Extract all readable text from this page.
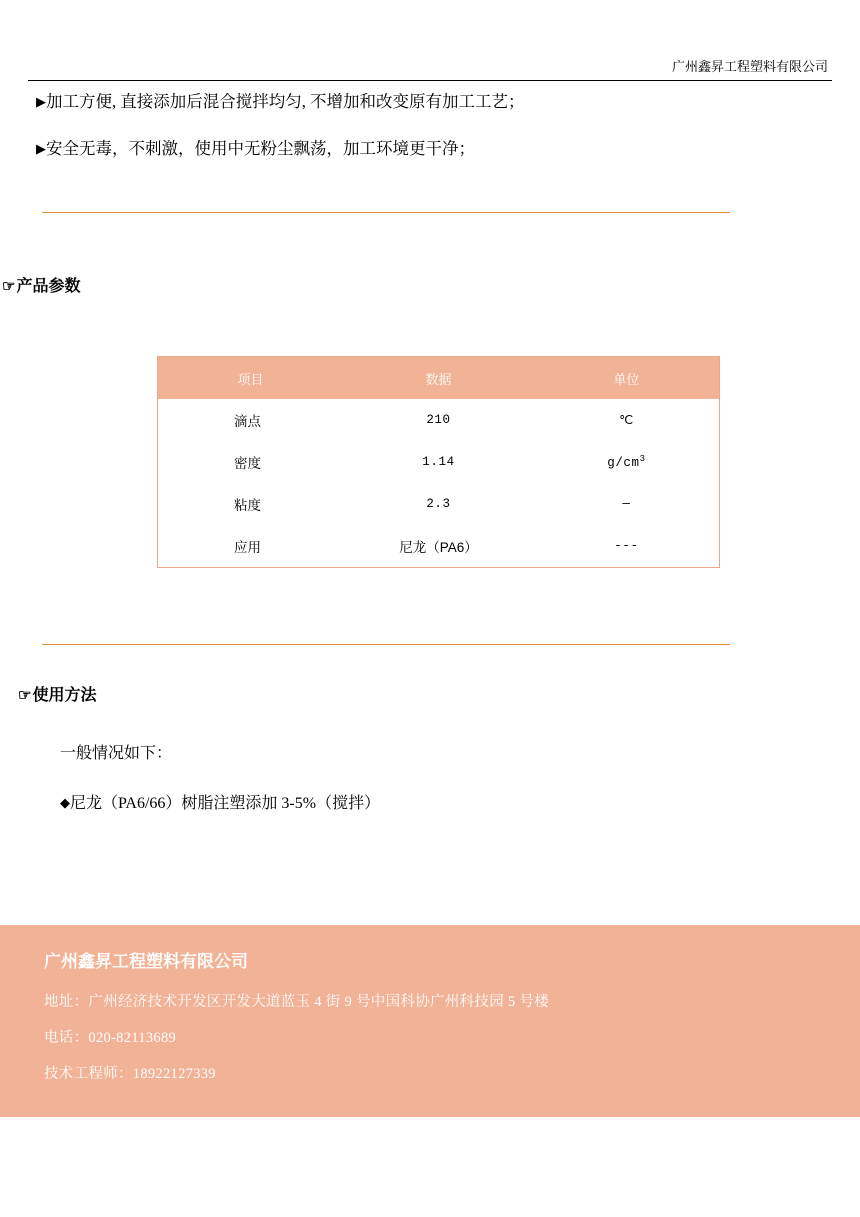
广州鑫昇工程塑料有限公司
▶加工方便, 直接添加后混合搅拌均匀, 不增加和改变原有加工工艺；
▶安全无毒，不刺激，使用中无粉尘飘荡，加工环境更干净；
☞产品参数
项目	数据	单位
滴点	210	℃
密度	1.14	$g/cm^3$
粘度	2.3	—
应用	尼龙（PA6）	---
☞使用方法
一般情况如下：
◆尼龙（PA6/66）树脂注塑添加 3-5%（搅拌）
广州鑫昇工程塑料有限公司
地址：广州经济技术开发区开发大道蓝玉 4 街 9 号中国科协广州科技园 5 号楼
电话：020-82113689
技术工程师：18922127339
